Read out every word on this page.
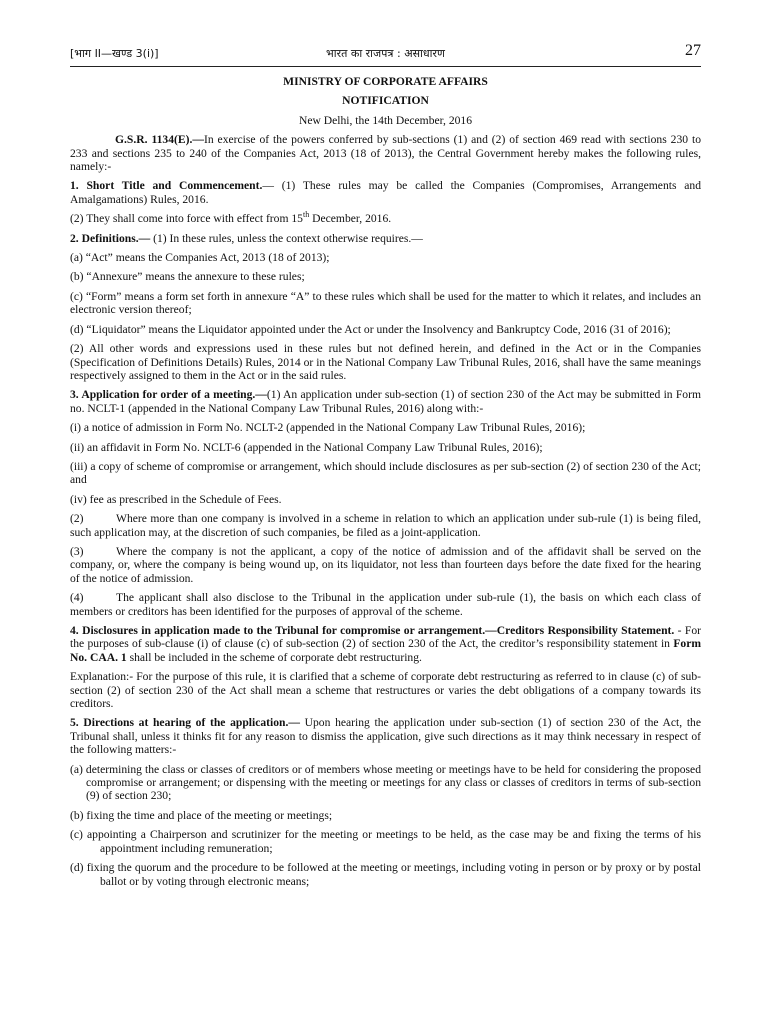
[भाग II—खण्ड 3(i)]	भारत का राजपत्र : असाधारण	27

MINISTRY OF CORPORATE AFFAIRS

NOTIFICATION

New Delhi, the 14th December, 2016

G.S.R. 1134(E).—In exercise of the powers conferred by sub-sections (1) and (2) of section 469 read with sections 230 to 233 and sections 235 to 240 of the Companies Act, 2013 (18 of 2013), the Central Government hereby makes the following rules, namely:-

1. Short Title and Commencement.— (1) These rules may be called the Companies (Compromises, Arrangements and Amalgamations) Rules, 2016.

(2) They shall come into force with effect from 15th December, 2016.

2. Definitions.— (1) In these rules, unless the context otherwise requires.—

(a) “Act” means the Companies Act, 2013 (18 of 2013);

(b) “Annexure” means the annexure to these rules;

(c) “Form” means a form set forth in annexure “A” to these rules which shall be used for the matter to which it relates, and includes an electronic version thereof;

(d) “Liquidator” means the Liquidator appointed under the Act or under the Insolvency and Bankruptcy Code, 2016 (31 of 2016);

(2) All other words and expressions used in these rules but not defined herein, and defined in the Act or in the Companies (Specification of Definitions Details) Rules, 2014 or in the National Company Law Tribunal Rules, 2016, shall have the same meanings respectively assigned to them in the Act or in the said rules.

3. Application for order of a meeting.—(1) An application under sub-section (1) of section 230 of the Act may be submitted in Form no. NCLT-1 (appended in the National Company Law Tribunal Rules, 2016) along with:-

(i) a notice of admission in Form No. NCLT-2 (appended in the National Company Law Tribunal Rules, 2016);

(ii) an affidavit in Form No. NCLT-6 (appended in the National Company Law Tribunal Rules, 2016);

(iii) a copy of scheme of compromise or arrangement, which should include disclosures as per sub-section (2) of section 230 of the Act; and

(iv) fee as prescribed in the Schedule of Fees.

(2)	Where more than one company is involved in a scheme in relation to which an application under sub-rule (1) is being filed, such application may, at the discretion of such companies, be filed as a joint-application.

(3)	Where the company is not the applicant, a copy of the notice of admission and of the affidavit shall be served on the company, or, where the company is being wound up, on its liquidator, not less than fourteen days before the date fixed for the hearing of the notice of admission.

(4)	The applicant shall also disclose to the Tribunal in the application under sub-rule (1), the basis on which each class of members or creditors has been identified for the purposes of approval of the scheme.

4. Disclosures in application made to the Tribunal for compromise or arrangement.—Creditors Responsibility Statement. - For the purposes of sub-clause (i) of clause (c) of sub-section (2) of section 230 of the Act, the creditor’s responsibility statement in Form No. CAA. 1 shall be included in the scheme of corporate debt restructuring.

Explanation:- For the purpose of this rule, it is clarified that a scheme of corporate debt restructuring as referred to in clause (c) of sub-section (2) of section 230 of the Act shall mean a scheme that restructures or varies the debt obligations of a company towards its creditors.

5. Directions at hearing of the application.— Upon hearing the application under sub-section (1) of section 230 of the Act, the Tribunal shall, unless it thinks fit for any reason to dismiss the application, give such directions as it may think necessary in respect of the following matters:-

(a) determining the class or classes of creditors or of members whose meeting or meetings have to be held for considering the proposed compromise or arrangement; or dispensing with the meeting or meetings for any class or classes of creditors in terms of sub-section (9) of section 230;

(b) fixing the time and place of the meeting or meetings;

(c) appointing a Chairperson and scrutinizer for the meeting or meetings to be held, as the case may be and fixing the terms of his appointment including remuneration;

(d) fixing the quorum and the procedure to be followed at the meeting or meetings, including voting in person or by proxy or by postal ballot or by voting through electronic means;
